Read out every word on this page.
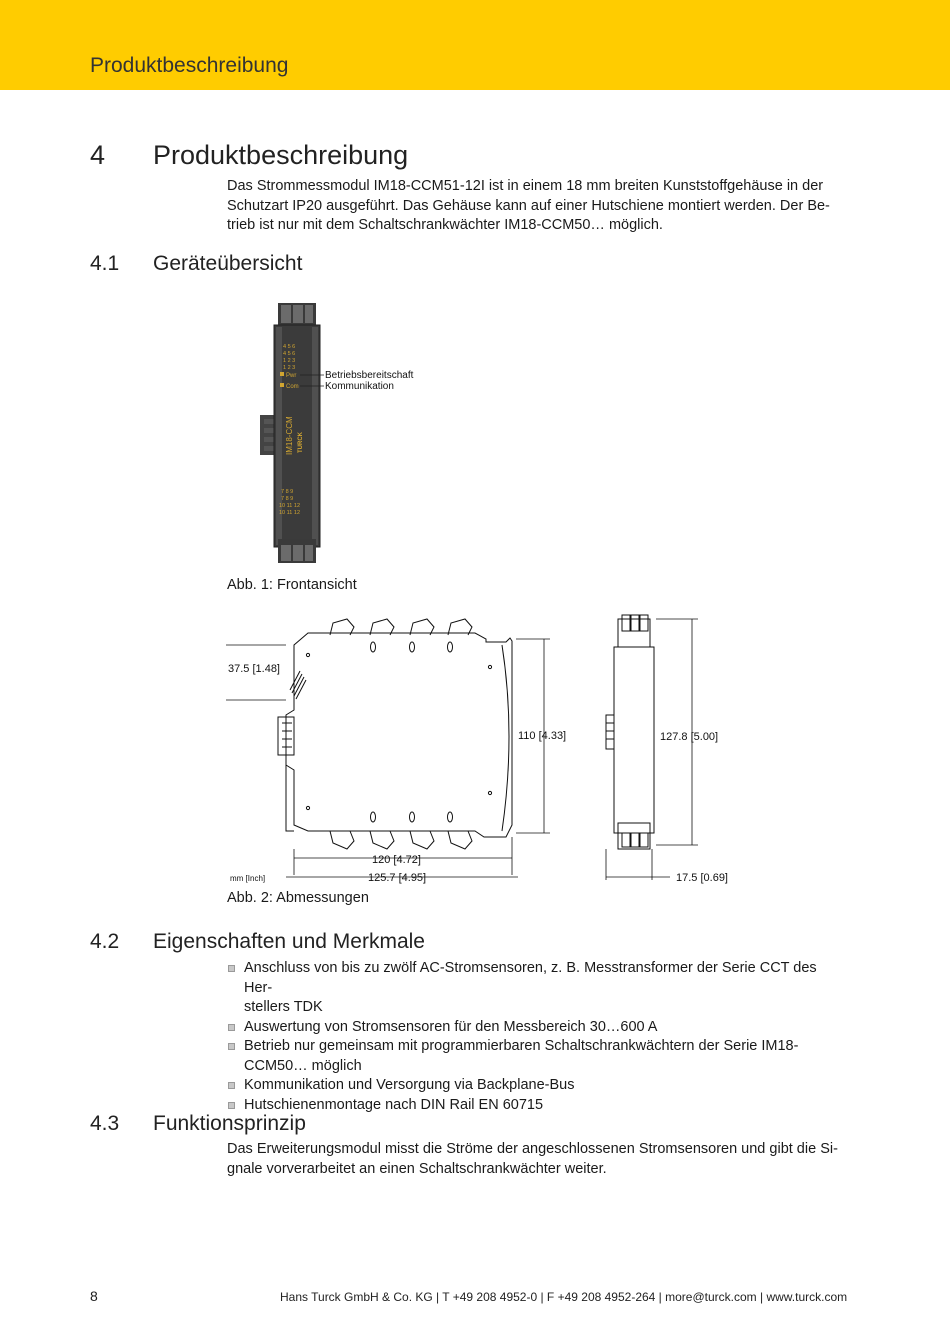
Produktbeschreibung
4 Produktbeschreibung
Das Strommessmodul IM18-CCM51-12I ist in einem 18 mm breiten Kunststoffgehäuse in der
Schutzart IP20 ausgeführt. Das Gehäuse kann auf einer Hutschiene montiert werden. Der Be-
trieb ist nur mit dem Schaltschrankwächter IM18-CCM50… möglich.
4.1 Geräteübersicht
4 5 6
4 5 6
1 2 3
1 2 3
Pwr
Com
Betriebsbereitschaft
Kommunikation
IM18-CCM TURCK
7 8 9
7 8 9
10 11 12
10 11 12
Abb. 1: Frontansicht
37.5 [1.48]
110 [4.33]	127.8 [5.00]
120 [4.72]
125.7 [4.95]	17.5 [0.69]
mm [Inch]
Abb. 2: Abmessungen
4.2 Eigenschaften und Merkmale
Anschluss von bis zu zwölf AC-Stromsensoren, z. B. Messtransformer der Serie CCT des Her-
stellers TDK
Auswertung von Stromsensoren für den Messbereich 30…600 A
Betrieb nur gemeinsam mit programmierbaren Schaltschrankwächtern der Serie IM18-
CCM50… möglich
Kommunikation und Versorgung via Backplane-Bus
Hutschienenmontage nach DIN Rail EN 60715
4.3 Funktionsprinzip
Das Erweiterungsmodul misst die Ströme der angeschlossenen Stromsensoren und gibt die Si-
gnale vorverarbeitet an einen Schaltschrankwächter weiter.
8	Hans Turck GmbH & Co. KG | T +49 208 4952-0 | F +49 208 4952-264 | more@turck.com | www.turck.com
